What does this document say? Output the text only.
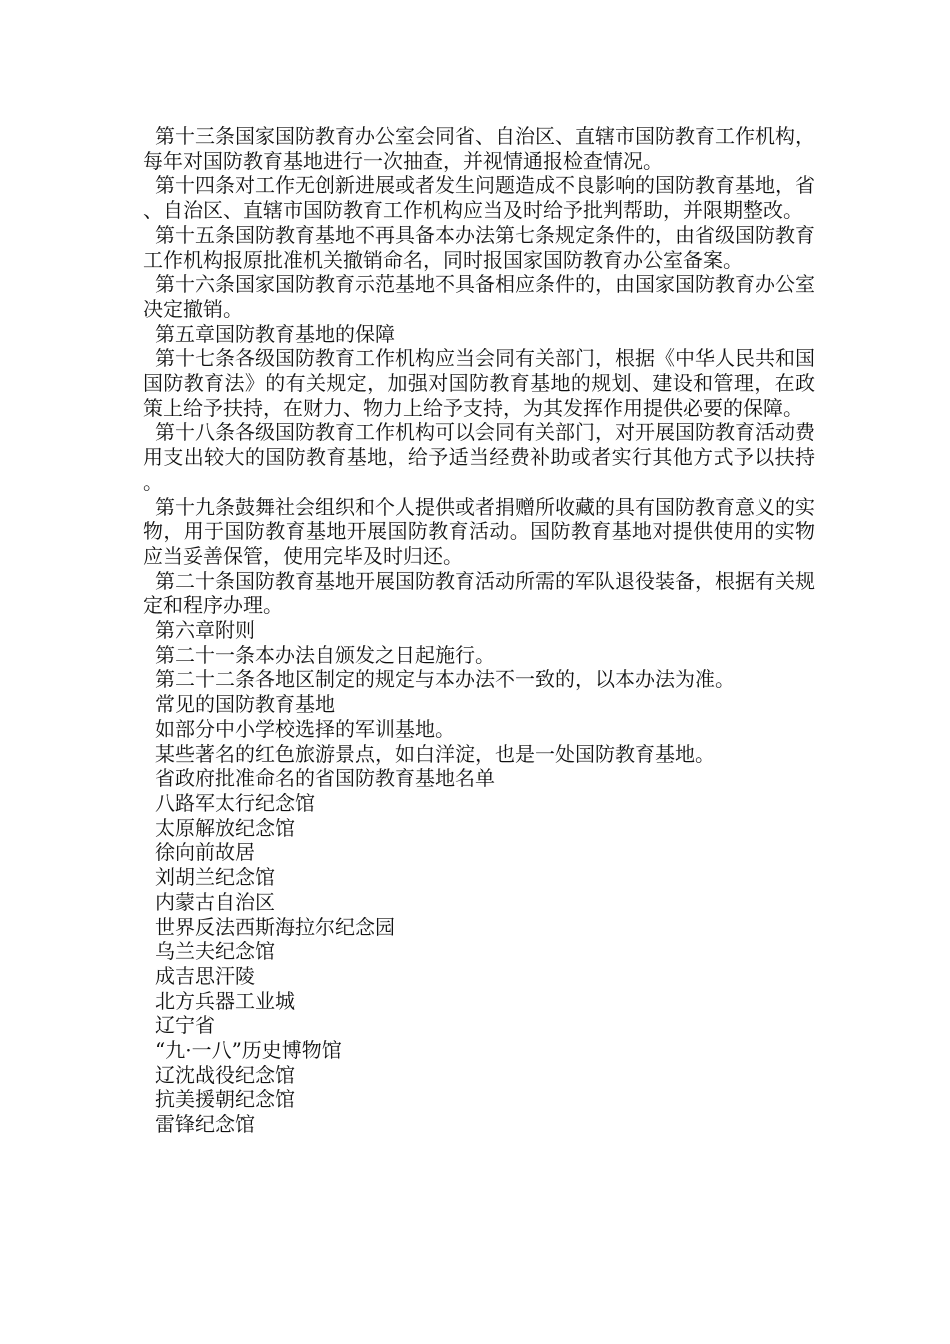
第十三条国家国防教育办公室会同省、自治区、直辖市国防教育工作机构，每年对国防教育基地进行一次抽查，并视情通报检查情况。

第十四条对工作无创新进展或者发生问题造成不良影响的国防教育基地，省、自治区、直辖市国防教育工作机构应当及时给予批判帮助，并限期整改。

第十五条国防教育基地不再具备本办法第七条规定条件的，由省级国防教育工作机构报原批准机关撤销命名，同时报国家国防教育办公室备案。

第十六条国家国防教育示范基地不具备相应条件的，由国家国防教育办公室决定撤销。

第五章国防教育基地的保障

第十七条各级国防教育工作机构应当会同有关部门，根据《中华人民共和国国防教育法》的有关规定，加强对国防教育基地的规划、建设和管理，在政策上给予扶持，在财力、物力上给予支持，为其发挥作用提供必要的保障。

第十八条各级国防教育工作机构可以会同有关部门，对开展国防教育活动费用支出较大的国防教育基地，给予适当经费补助或者实行其他方式予以扶持。

第十九条鼓舞社会组织和个人提供或者捐赠所收藏的具有国防教育意义的实物，用于国防教育基地开展国防教育活动。国防教育基地对提供使用的实物应当妥善保管，使用完毕及时归还。

第二十条国防教育基地开展国防教育活动所需的军队退役装备，根据有关规定和程序办理。

第六章附则

第二十一条本办法自颁发之日起施行。

第二十二条各地区制定的规定与本办法不一致的，以本办法为准。

常见的国防教育基地

如部分中小学校选择的军训基地。

某些著名的红色旅游景点，如白洋淀，也是一处国防教育基地。

省政府批准命名的省国防教育基地名单

八路军太行纪念馆

太原解放纪念馆

徐向前故居

刘胡兰纪念馆

内蒙古自治区

世界反法西斯海拉尔纪念园

乌兰夫纪念馆

成吉思汗陵

北方兵器工业城

辽宁省

“九·一八”历史博物馆

辽沈战役纪念馆

抗美援朝纪念馆

雷锋纪念馆
